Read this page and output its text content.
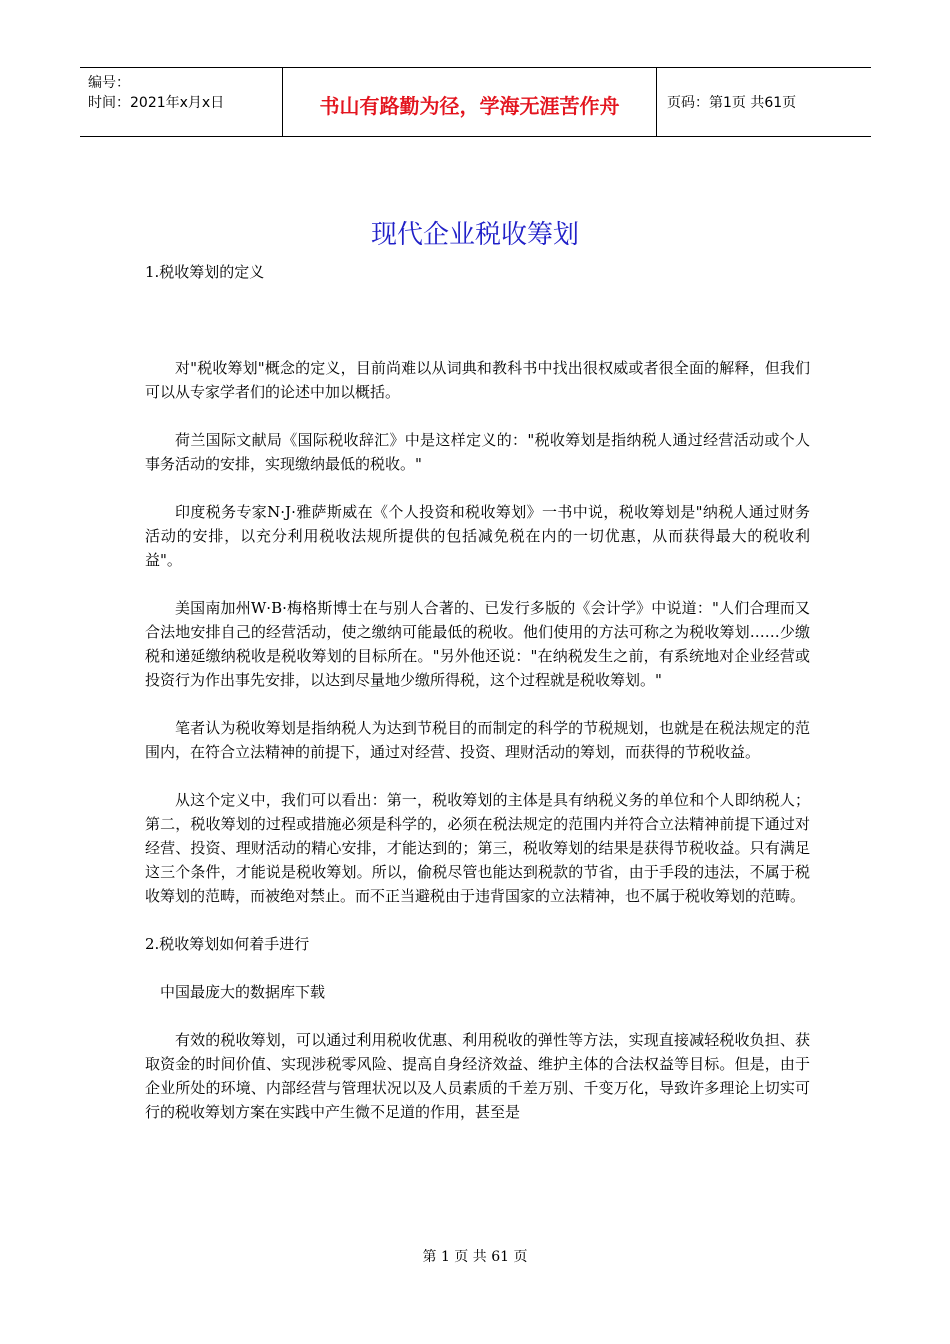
编号：
时间：2021年x月x日	书山有路勤为径，学海无涯苦作舟	页码：第1页 共61页
现代企业税收筹划

1.税收筹划的定义

对"税收筹划"概念的定义，目前尚难以从词典和教科书中找出很权威或者很全面的解释，但我们可以从专家学者们的论述中加以概括。

荷兰国际文献局《国际税收辞汇》中是这样定义的："税收筹划是指纳税人通过经营活动或个人事务活动的安排，实现缴纳最低的税收。"

印度税务专家N·J·雅萨斯威在《个人投资和税收筹划》一书中说，税收筹划是"纳税人通过财务活动的安排，以充分利用税收法规所提供的包括减免税在内的一切优惠，从而获得最大的税收利益"。

美国南加州W·B·梅格斯博士在与别人合著的、已发行多版的《会计学》中说道："人们合理而又合法地安排自己的经营活动，使之缴纳可能最低的税收。他们使用的方法可称之为税收筹划……少缴税和递延缴纳税收是税收筹划的目标所在。"另外他还说："在纳税发生之前，有系统地对企业经营或投资行为作出事先安排，以达到尽量地少缴所得税，这个过程就是税收筹划。"

笔者认为税收筹划是指纳税人为达到节税目的而制定的科学的节税规划，也就是在税法规定的范围内，在符合立法精神的前提下，通过对经营、投资、理财活动的筹划，而获得的节税收益。

从这个定义中，我们可以看出：第一，税收筹划的主体是具有纳税义务的单位和个人即纳税人；第二，税收筹划的过程或措施必须是科学的，必须在税法规定的范围内并符合立法精神前提下通过对经营、投资、理财活动的精心安排，才能达到的；第三，税收筹划的结果是获得节税收益。只有满足这三个条件，才能说是税收筹划。所以，偷税尽管也能达到税款的节省，由于手段的违法，不属于税收筹划的范畴，而被绝对禁止。而不正当避税由于违背国家的立法精神，也不属于税收筹划的范畴。

2.税收筹划如何着手进行

中国最庞大的数据库下载

有效的税收筹划，可以通过利用税收优惠、利用税收的弹性等方法，实现直接减轻税收负担、获取资金的时间价值、实现涉税零风险、提高自身经济效益、维护主体的合法权益等目标。但是，由于企业所处的环境、内部经营与管理状况以及人员素质的千差万别、千变万化，导致许多理论上切实可行的税收筹划方案在实践中产生微不足道的作用，甚至是

第 1 页 共 61 页
